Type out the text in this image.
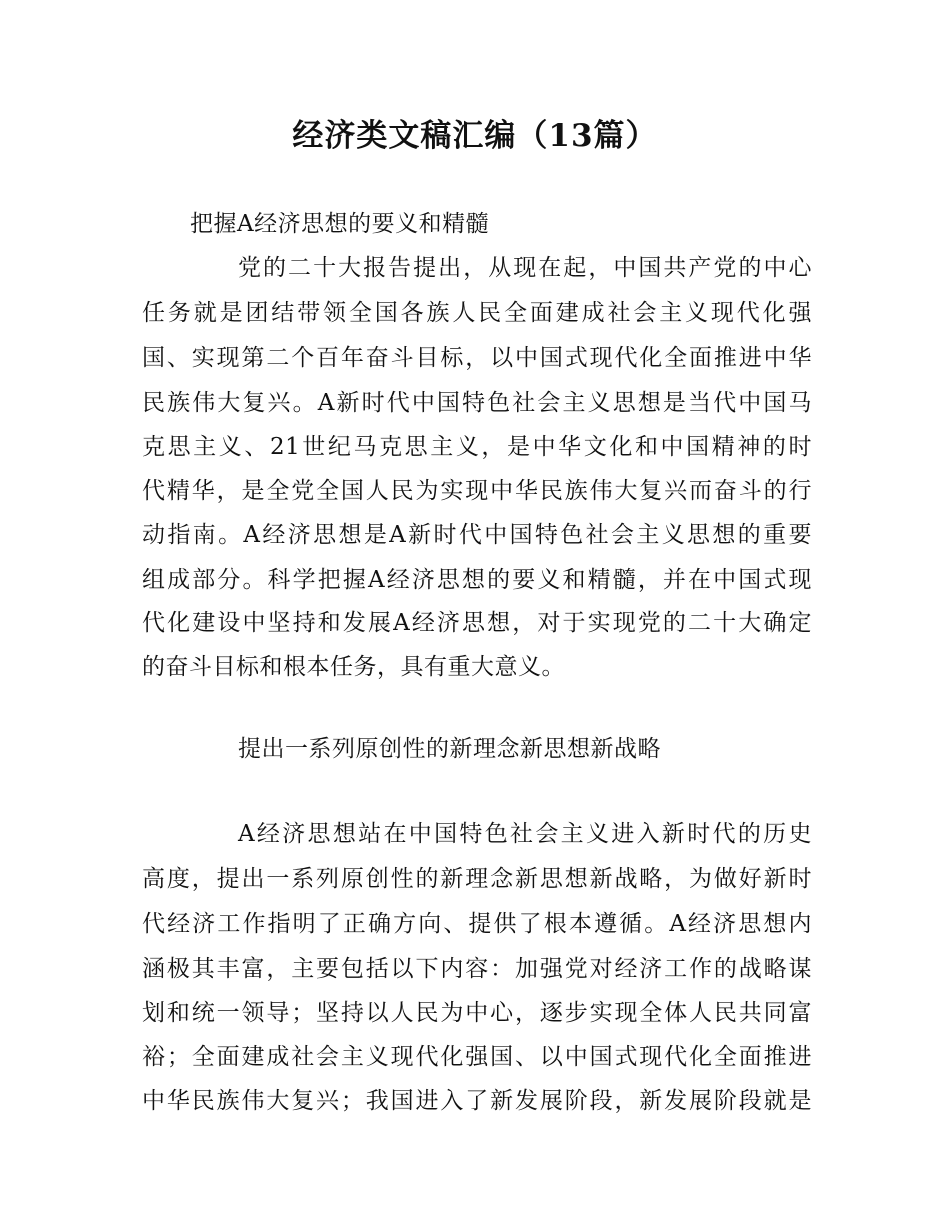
经济类文稿汇编（13篇）
把握A经济思想的要义和精髓
党的二十大报告提出，从现在起，中国共产党的中心
任务就是团结带领全国各族人民全面建成社会主义现代化强
国、实现第二个百年奋斗目标，以中国式现代化全面推进中华
民族伟大复兴。A新时代中国特色社会主义思想是当代中国马
克思主义、21世纪马克思主义，是中华文化和中国精神的时
代精华，是全党全国人民为实现中华民族伟大复兴而奋斗的行
动指南。A经济思想是A新时代中国特色社会主义思想的重要
组成部分。科学把握A经济思想的要义和精髓，并在中国式现
代化建设中坚持和发展A经济思想，对于实现党的二十大确定
的奋斗目标和根本任务，具有重大意义。
提出一系列原创性的新理念新思想新战略
A经济思想站在中国特色社会主义进入新时代的历史
高度，提出一系列原创性的新理念新思想新战略，为做好新时
代经济工作指明了正确方向、提供了根本遵循。A经济思想内
涵极其丰富，主要包括以下内容：加强党对经济工作的战略谋
划和统一领导；坚持以人民为中心，逐步实现全体人民共同富
裕；全面建成社会主义现代化强国、以中国式现代化全面推进
中华民族伟大复兴；我国进入了新发展阶段，新发展阶段就是
